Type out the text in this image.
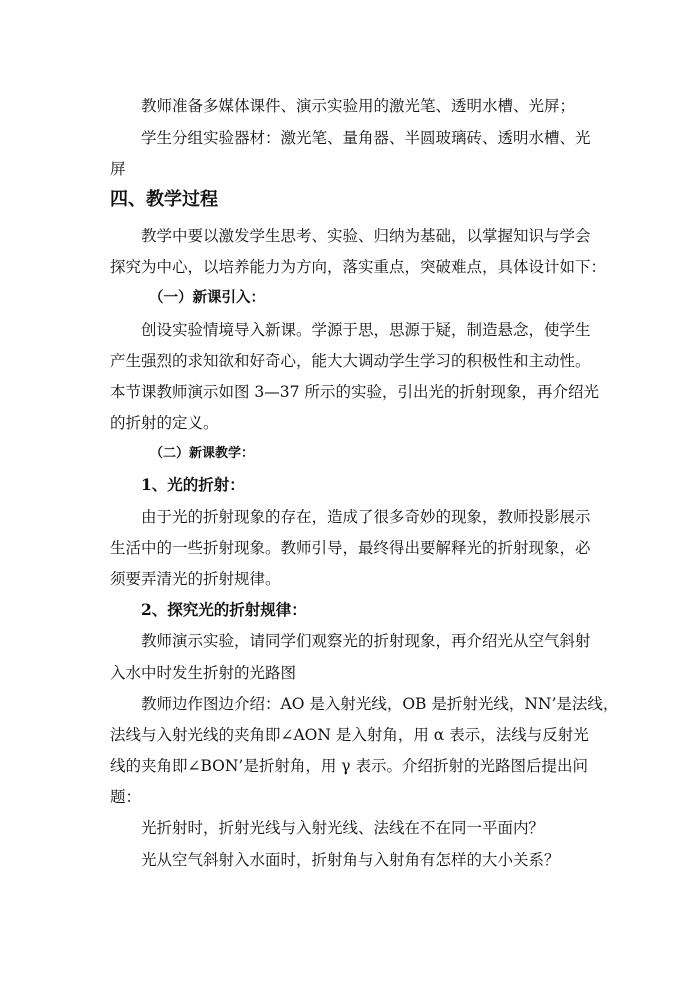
教师准备多媒体课件、演示实验用的激光笔、透明水槽、光屏；
学生分组实验器材：激光笔、量角器、半圆玻璃砖、透明水槽、光
屏
四、教学过程
教学中要以激发学生思考、实验、归纳为基础，以掌握知识与学会
探究为中心，以培养能力为方向，落实重点，突破难点，具体设计如下：
（一）新课引入：
创设实验情境导入新课。学源于思，思源于疑，制造悬念，使学生
产生强烈的求知欲和好奇心，能大大调动学生学习的积极性和主动性。
本节课教师演示如图 3—37 所示的实验，引出光的折射现象，再介绍光
的折射的定义。
（二）新课教学：
1、光的折射：
由于光的折射现象的存在，造成了很多奇妙的现象，教师投影展示
生活中的一些折射现象。教师引导，最终得出要解释光的折射现象，必
须要弄清光的折射规律。
2、探究光的折射规律：
教师演示实验，请同学们观察光的折射现象，再介绍光从空气斜射
入水中时发生折射的光路图
教师边作图边介绍：AO 是入射光线，OB 是折射光线，NN’是法线，
法线与入射光线的夹角即∠AON 是入射角，用 α 表示，法线与反射光
线的夹角即∠BON’是折射角，用 γ 表示。介绍折射的光路图后提出问
题：
光折射时，折射光线与入射光线、法线在不在同一平面内？
光从空气斜射入水面时，折射角与入射角有怎样的大小关系？
